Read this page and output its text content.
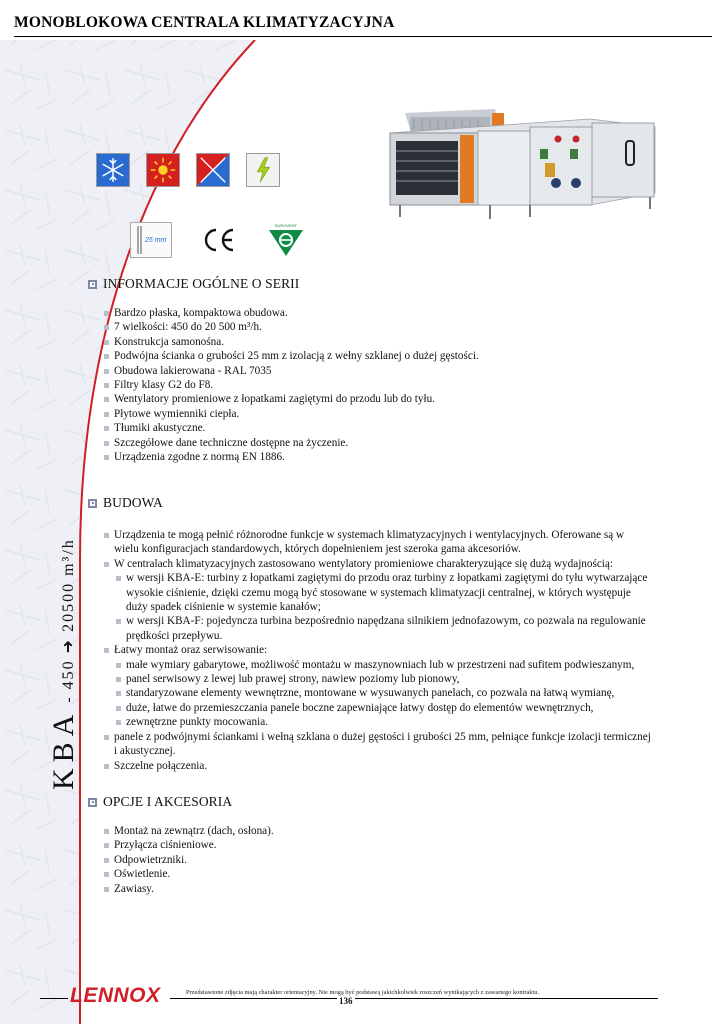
MONOBLOKOWA CENTRALA KLIMATYZACYJNA
25 mm
EUROVENT
INFORMACJE OGÓLNE O SERII
Bardzo płaska, kompaktowa obudowa.
7 wielkości: 450 do 20 500 m³/h.
Konstrukcja samonośna.
Podwójna ścianka o grubości 25 mm z izolacją z wełny szklanej o dużej gęstości.
Obudowa lakierowana - RAL 7035
Filtry klasy G2 do F8.
Wentylatory promieniowe z łopatkami zagiętymi do przodu lub do tyłu.
Płytowe wymienniki ciepła.
Tłumiki akustyczne.
Szczegółowe dane techniczne dostępne na życzenie.
Urządzenia zgodne z normą EN 1886.
BUDOWA
Urządzenia te mogą pełnić różnorodne funkcje w systemach klimatyzacyjnych i wentylacyjnych. Oferowane są w
wielu konfiguracjach standardowych, których dopełnieniem jest szeroka gama akcesoriów.
W centralach klimatyzacyjnych zastosowano wentylatory promieniowe charakteryzujące się dużą wydajnością:
w wersji KBA-E: turbiny z łopatkami zagiętymi do przodu oraz turbiny z łopatkami zagiętymi do tyłu wytwarzające
wysokie ciśnienie, dzięki czemu mogą być stosowane w systemach klimatyzacji centralnej, w których występuje
duży spadek ciśnienie w systemie kanałów;
w wersji KBA-F: pojedyncza turbina bezpośrednio napędzana silnikiem jednofazowym, co pozwala na regulowanie
prędkości przepływu.
Łatwy montaż oraz serwisowanie:
małe wymiary gabarytowe, możliwość montażu w maszynowniach lub w przestrzeni nad sufitem podwieszanym,
panel serwisowy z lewej lub prawej strony, nawiew poziomy lub pionowy,
standaryzowane elementy wewnętrzne, montowane w wysuwanych panelach, co pozwala na łatwą wymianę,
duże, łatwe do przemieszczania panele boczne zapewniające łatwy dostęp do elementów wewnętrznych,
zewnętrzne punkty mocowania.
panele z podwójnymi ściankami i wełną szklana o dużej gęstości i grubości 25 mm, pełniące funkcje izolacji termicznej
i akustycznej.
Szczelne połączenia.
OPCJE I AKCESORIA
Montaż na zewnątrz (dach, osłona).
Przyłącza ciśnieniowe.
Odpowietrzniki.
Oświetlenie.
Zawiasy.
KBA - 450 ➜ 20500 m³/h
LENNOX	Przedstawione zdjęcia mają charakter orientacyjny. Nie mogą być podstawą jakichkolwiek roszczeń wynikających z zawartego kontraktu.
136
